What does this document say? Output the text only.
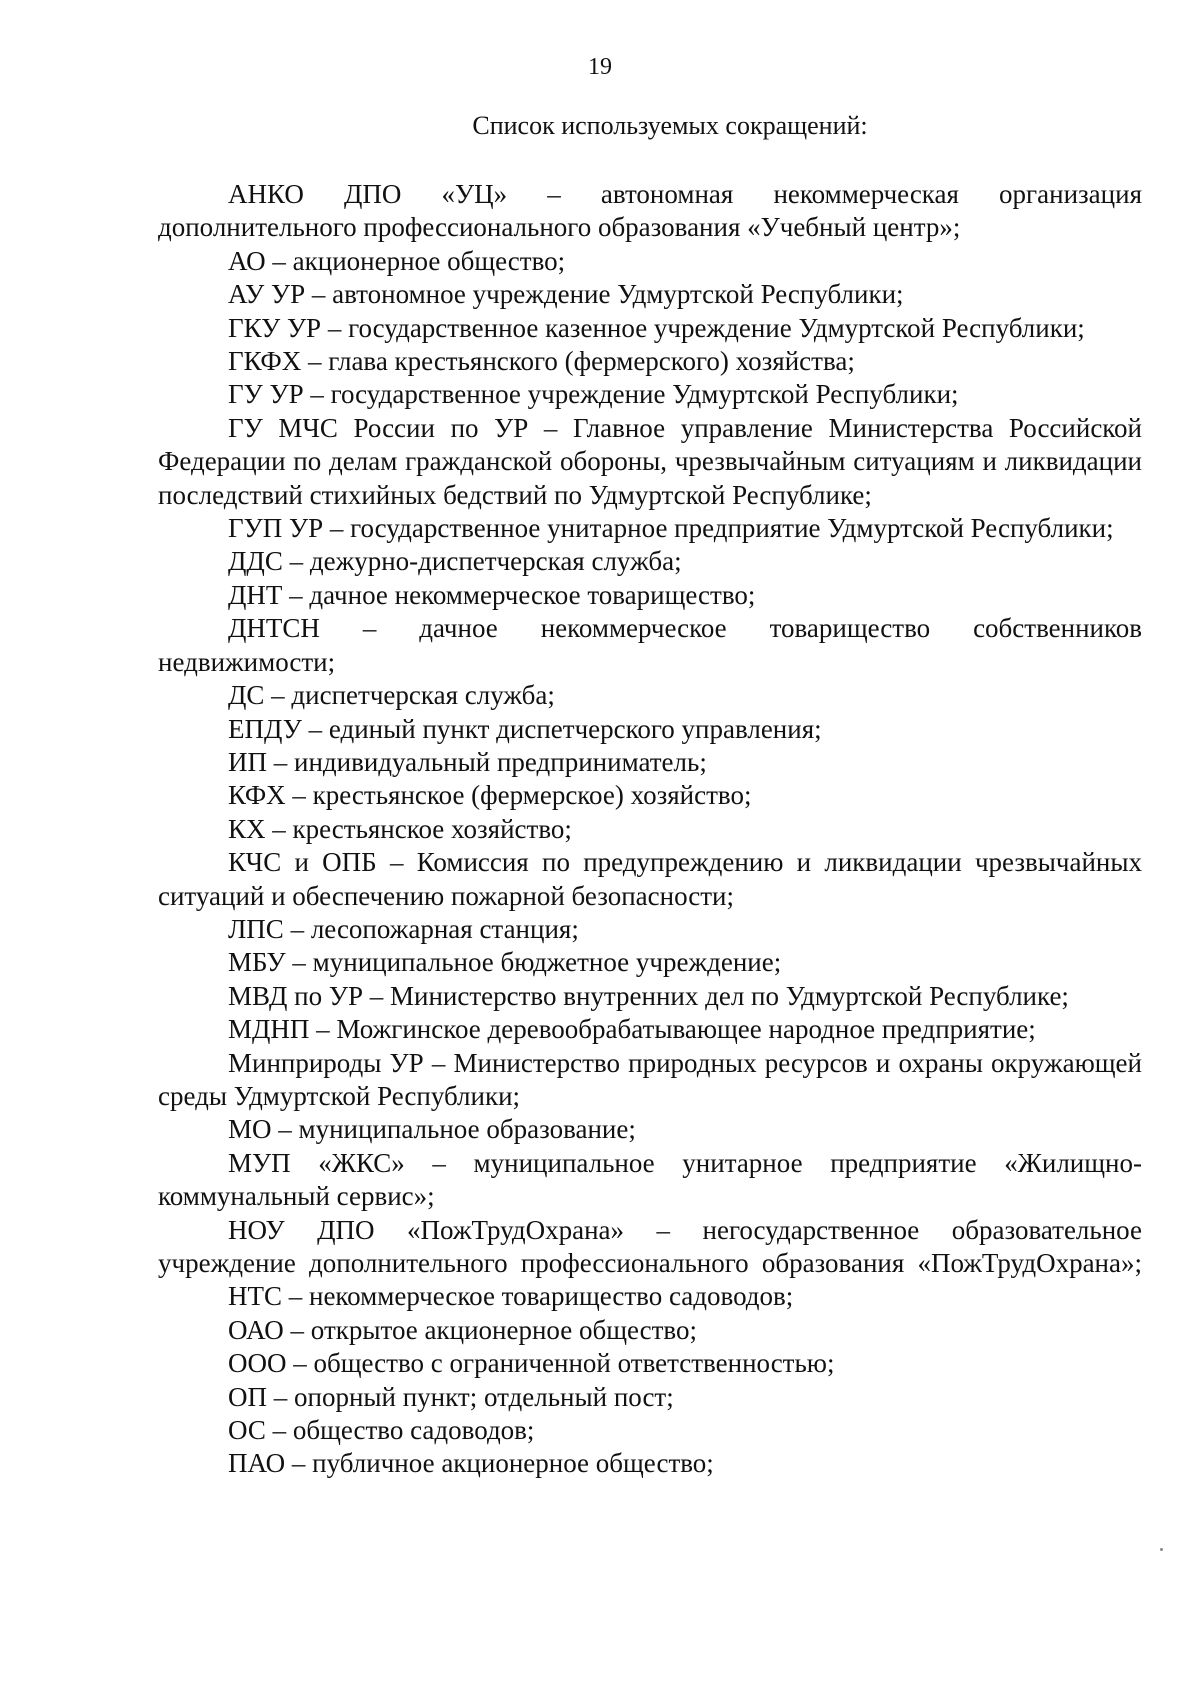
19
Список используемых сокращений:

АНКО ДПО «УЦ» – автономная некоммерческая организация дополнительного профессионального образования «Учебный центр»;

АО – акционерное общество;

АУ УР – автономное учреждение Удмуртской Республики;

ГКУ УР – государственное казенное учреждение Удмуртской Республики;

ГКФХ – глава крестьянского (фермерского) хозяйства;

ГУ УР – государственное учреждение Удмуртской Республики;

ГУ МЧС России по УР – Главное управление Министерства Российской Федерации по делам гражданской обороны, чрезвычайным ситуациям и ликвидации последствий стихийных бедствий по Удмуртской Республике;

ГУП УР – государственное унитарное предприятие Удмуртской Республики;

ДДС – дежурно-диспетчерская служба;

ДНТ – дачное некоммерческое товарищество;

ДНТСН – дачное некоммерческое товарищество собственников недвижимости;

ДС – диспетчерская служба;

ЕПДУ – единый пункт диспетчерского управления;

ИП – индивидуальный предприниматель;

КФХ – крестьянское (фермерское) хозяйство;

КХ – крестьянское хозяйство;

КЧС и ОПБ – Комиссия по предупреждению и ликвидации чрезвычайных ситуаций и обеспечению пожарной безопасности;

ЛПС – лесопожарная станция;

МБУ – муниципальное бюджетное учреждение;

МВД по УР – Министерство внутренних дел по Удмуртской Республике;

МДНП – Можгинское деревообрабатывающее народное предприятие;

Минприроды УР – Министерство природных ресурсов и охраны окружающей среды Удмуртской Республики;

МО – муниципальное образование;

МУП «ЖКС» – муниципальное унитарное предприятие «Жилищно-коммунальный сервис»;

НОУ ДПО «ПожТрудОхрана» – негосударственное образовательное учреждение дополнительного профессионального образования «ПожТрудОхрана»;

НТС – некоммерческое товарищество садоводов;

ОАО – открытое акционерное общество;

ООО – общество с ограниченной ответственностью;

ОП – опорный пункт; отдельный пост;

ОС – общество садоводов;

ПАО – публичное акционерное общество;
